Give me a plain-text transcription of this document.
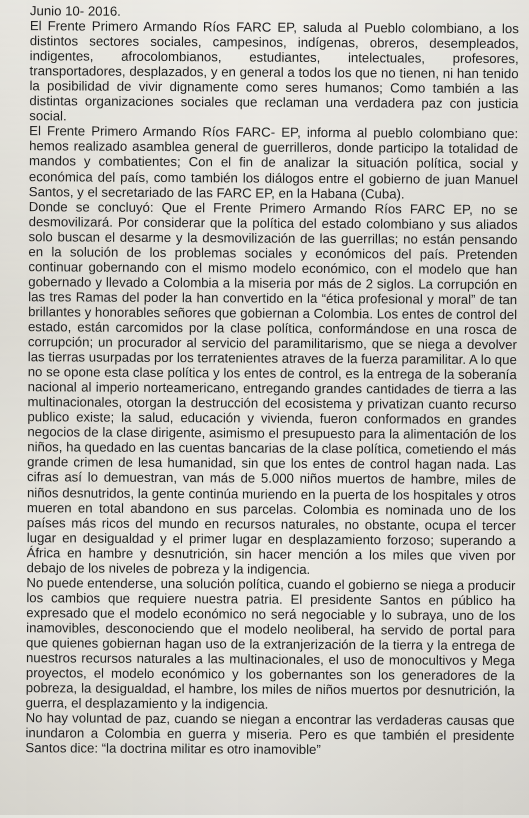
Junio 10- 2016.

El Frente Primero Armando Ríos FARC EP, saluda al Pueblo colombiano, a los distintos sectores sociales, campesinos, indígenas, obreros, desempleados, indigentes, afrocolombianos, estudiantes, intelectuales, profesores, transportadores, desplazados, y en general a todos los que no tienen, ni han tenido la posibilidad de vivir dignamente como seres humanos; Como también a las distintas organizaciones sociales que reclaman una verdadera paz con justicia social.

El Frente Primero Armando Ríos FARC- EP, informa al pueblo colombiano que: hemos realizado asamblea general de guerrilleros, donde participo la totalidad de mandos y combatientes; Con el fin de analizar la situación política, social y económica del país, como también los diálogos entre el gobierno de juan Manuel Santos, y el secretariado de las FARC EP, en la Habana (Cuba).

Donde se concluyó: Que el Frente Primero Armando Ríos FARC EP, no se desmovilizará. Por considerar que la política del estado colombiano y sus aliados solo buscan el desarme y la desmovilización de las guerrillas; no están pensando en la solución de los problemas sociales y económicos del país. Pretenden continuar gobernando con el mismo modelo económico, con el modelo que han gobernado y llevado a Colombia a la miseria por más de 2 siglos. La corrupción en las tres Ramas del poder la han convertido en la “ética profesional y moral” de tan brillantes y honorables señores que gobiernan a Colombia. Los entes de control del estado, están carcomidos por la clase política, conformándose en una rosca de corrupción; un procurador al servicio del paramilitarismo, que se niega a devolver las tierras usurpadas por los terratenientes atraves de la fuerza paramilitar. A lo que no se opone esta clase política y los entes de control, es la entrega de la soberanía nacional al imperio norteamericano, entregando grandes cantidades de tierra a las multinacionales, otorgan la destrucción del ecosistema y privatizan cuanto recurso publico existe; la salud, educación y vivienda, fueron conformados en grandes negocios de la clase dirigente, asimismo el presupuesto para la alimentación de los niños, ha quedado en las cuentas bancarias de la clase política, cometiendo el más grande crimen de lesa humanidad, sin que los entes de control hagan nada. Las cifras así lo demuestran, van más de 5.000 niños muertos de hambre, miles de niños desnutridos, la gente continúa muriendo en la puerta de los hospitales y otros mueren en total abandono en sus parcelas. Colombia es nominada uno de los países más ricos del mundo en recursos naturales, no obstante, ocupa el tercer lugar en desigualdad y el primer lugar en desplazamiento forzoso; superando a África en hambre y desnutrición, sin hacer mención a los miles que viven por debajo de los niveles de pobreza y la indigencia.

No puede entenderse, una solución política, cuando el gobierno se niega a producir los cambios que requiere nuestra patria. El presidente Santos en público ha expresado que el modelo económico no será negociable y lo subraya, uno de los inamovibles, desconociendo que el modelo neoliberal, ha servido de portal para que quienes gobiernan hagan uso de la extranjerización de la tierra y la entrega de nuestros recursos naturales a las multinacionales, el uso de monocultivos y Mega proyectos, el modelo económico y los gobernantes son los generadores de la pobreza, la desigualdad, el hambre, los miles de niños muertos por desnutrición, la guerra, el desplazamiento y la indigencia.

No hay voluntad de paz, cuando se niegan a encontrar las verdaderas causas que inundaron a Colombia en guerra y miseria. Pero es que también el presidente Santos dice: “la doctrina militar es otro inamovible”
